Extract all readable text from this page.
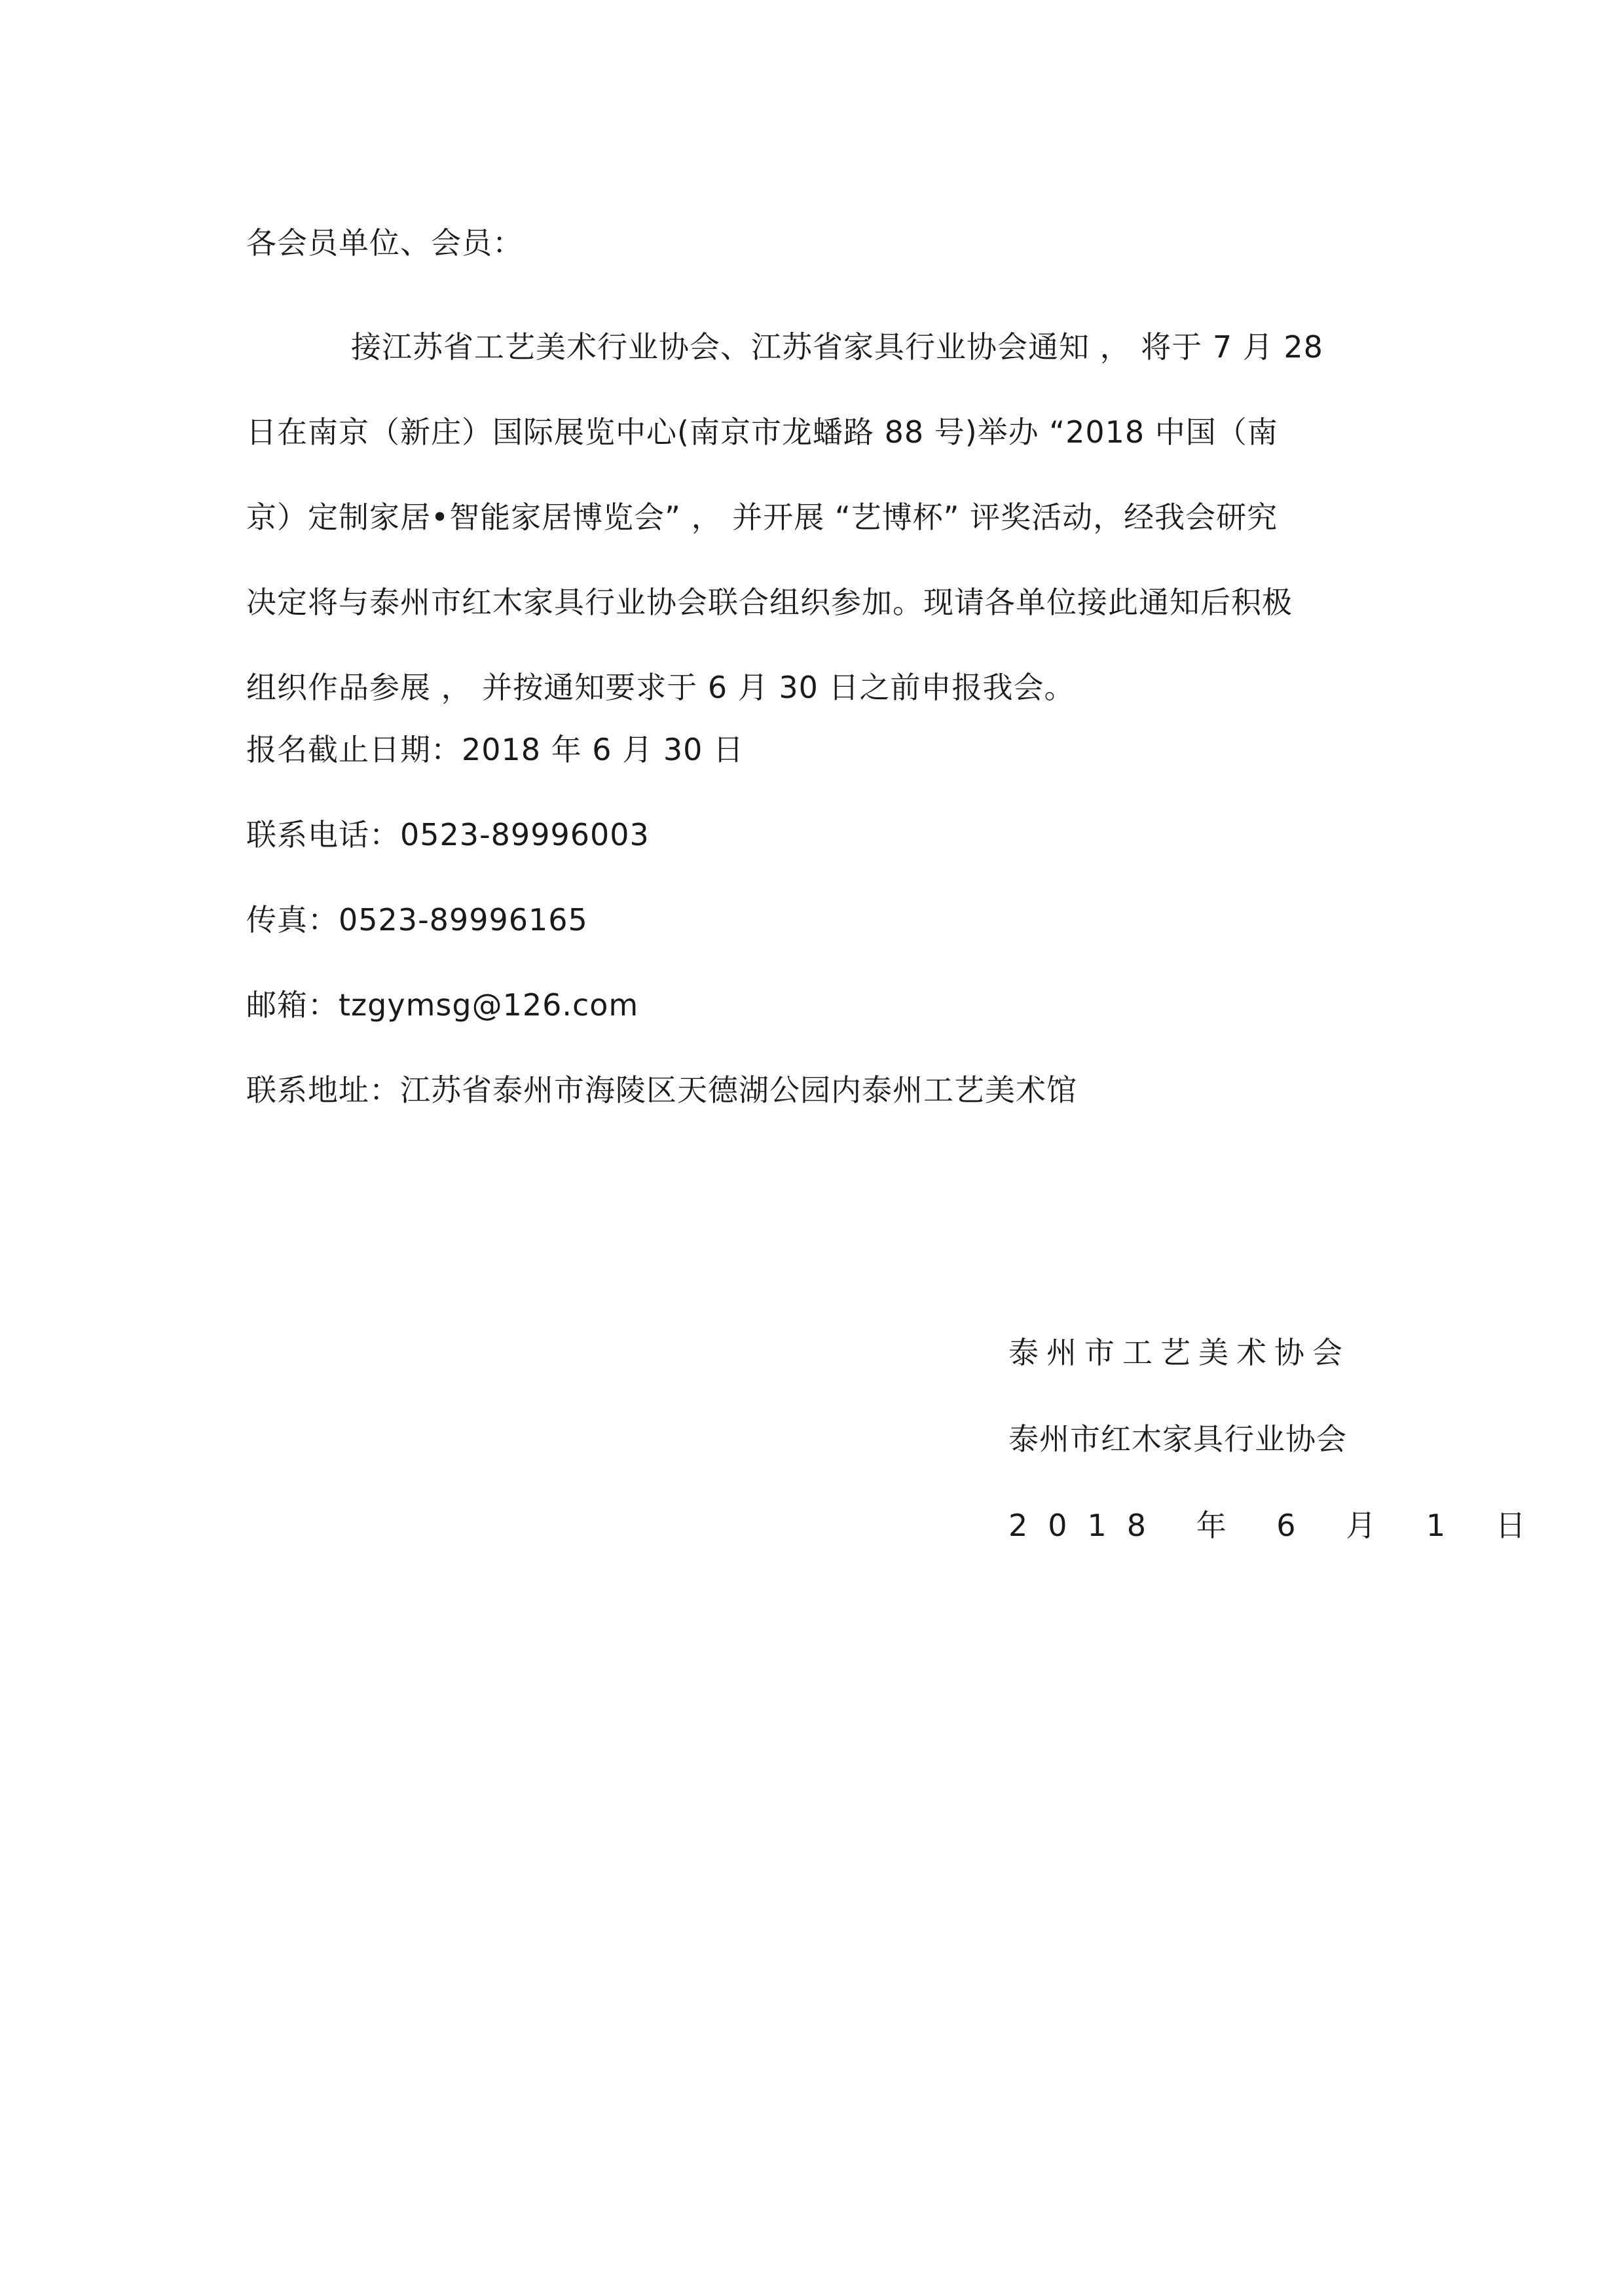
各会员单位、会员：
接江苏省工艺美术行业协会、江苏省家具行业协会通知 ， 将于 7 月 28
日在南京（新庄）国际展览中心(南京市龙蟠路 88 号)举办 “2018 中国（南
京）定制家居•智能家居博览会” ， 并开展 “艺博杯” 评奖活动，经我会研究
决定将与泰州市红木家具行业协会联合组织参加。现请各单位接此通知后积极
组织作品参展 ， 并按通知要求于 6 月 30 日之前申报我会。
报名截止日期：2018 年 6 月 30 日
联系电话：0523-89996003
传真：0523-89996165
邮箱：tzgymsg@126.com
联系地址：江苏省泰州市海陵区天德湖公园内泰州工艺美术馆
泰州市工艺美术协会
泰州市红木家具行业协会
2018 年 6 月 1 日
